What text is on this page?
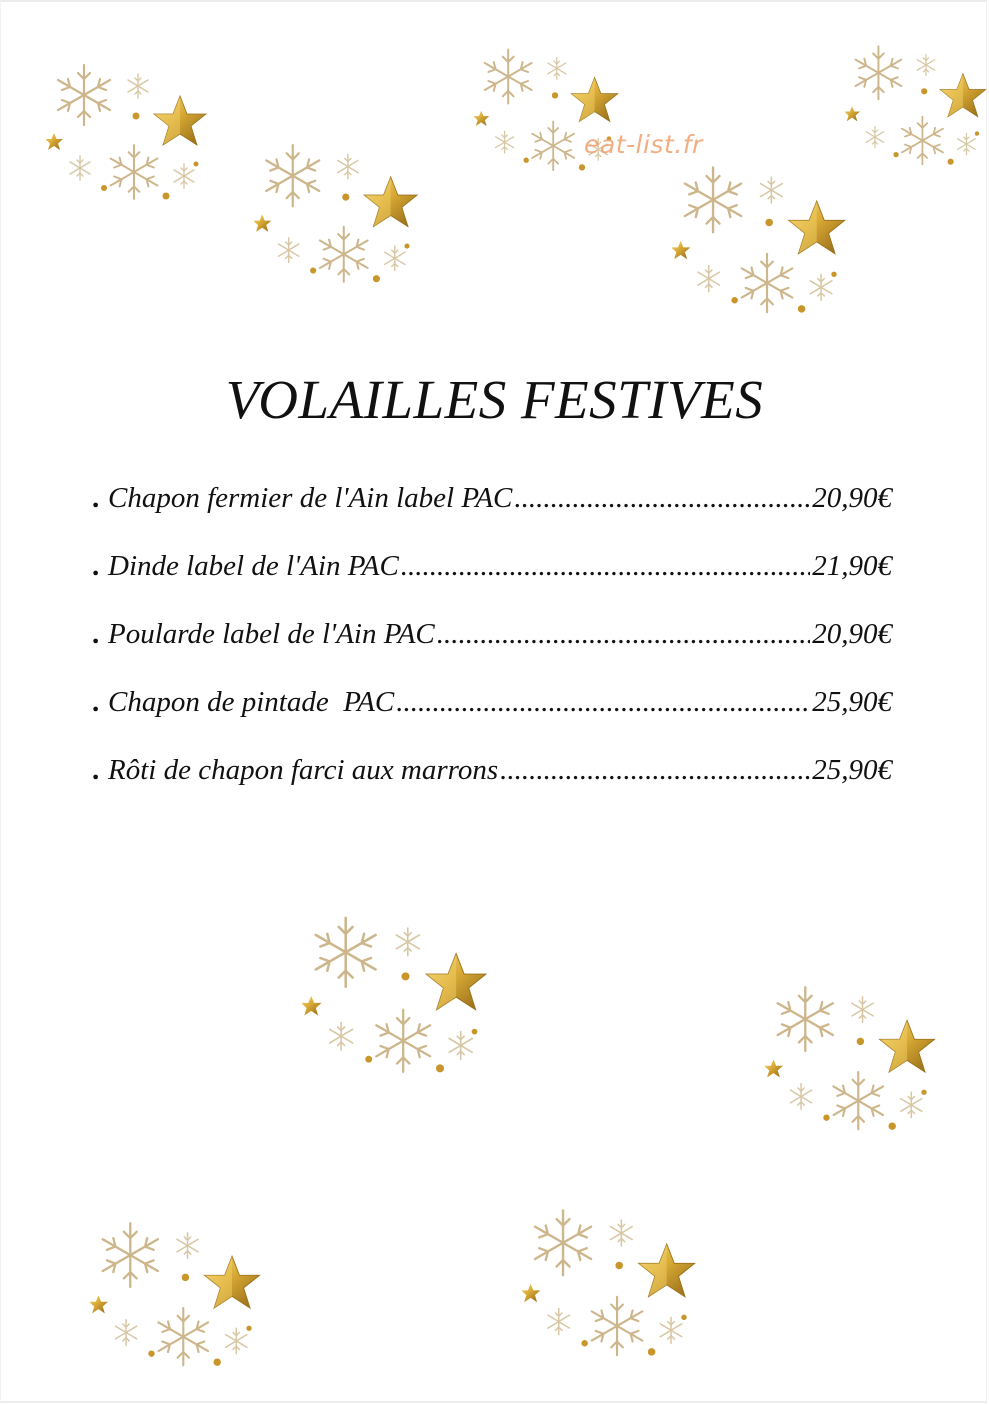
eat-list.fr
VOLAILLES FESTIVES
. Chapon fermier de l'Ain label PAC .....	20,90€
. Dinde label de l'Ain PAC .....	21,90€
. Poularde label de l'Ain PAC .....	20,90€
. Chapon de pintade  PAC .....	25,90€
. Rôti de chapon farci aux marrons .....	25,90€
